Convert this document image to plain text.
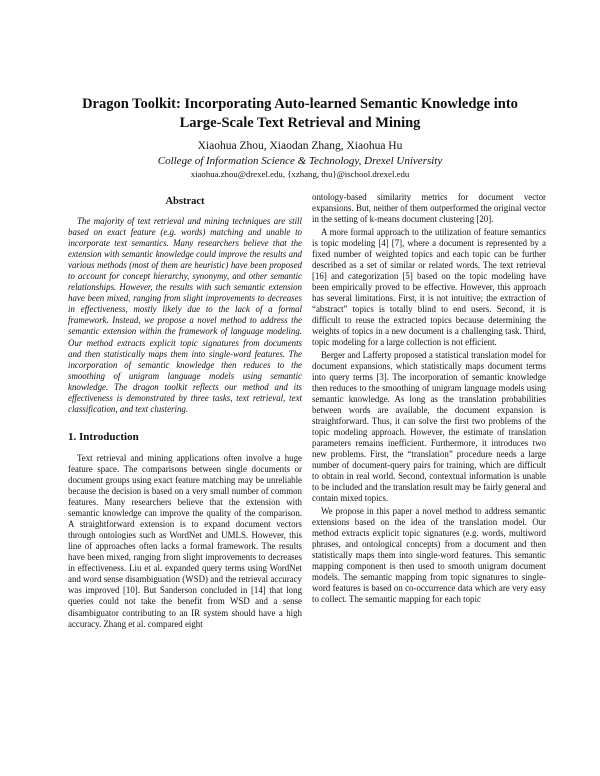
Dragon Toolkit: Incorporating Auto-learned Semantic Knowledge into
Large-Scale Text Retrieval and Mining
Xiaohua Zhou, Xiaodan Zhang, Xiaohua Hu
College of Information Science & Technology, Drexel University
xiaohua.zhou@drexel.edu, {xzhang, thu}@ischool.drexel.edu
Abstract

The majority of text retrieval and mining techniques are still based on exact feature (e.g. words) matching and unable to incorporate text semantics. Many researchers believe that the extension with semantic knowledge could improve the results and various methods (most of them are heuristic) have been proposed to account for concept hierarchy, synonymy, and other semantic relationships. However, the results with such semantic extension have been mixed, ranging from slight improvements to decreases in effectiveness, mostly likely due to the lack of a formal framework. Instead, we propose a novel method to address the semantic extension within the framework of language modeling. Our method extracts explicit topic signatures from documents and then statistically maps them into single-word features. The incorporation of semantic knowledge then reduces to the smoothing of unigram language models using semantic knowledge. The dragon toolkit reflects our method and its effectiveness is demonstrated by three tasks, text retrieval, text classification, and text clustering.

1. Introduction

Text retrieval and mining applications often involve a huge feature space. The comparisons between single documents or document groups using exact feature matching may be unreliable because the decision is based on a very small number of common features. Many researchers believe that the extension with semantic knowledge can improve the quality of the comparison. A straightforward extension is to expand document vectors through ontologies such as WordNet and UMLS. However, this line of approaches often lacks a formal framework. The results have been mixed, ranging from slight improvements to decreases in effectiveness. Liu et al. expanded query terms using WordNet and word sense disambiguation (WSD) and the retrieval accuracy was improved [10]. But Sanderson concluded in [14] that long queries could not take the benefit from WSD and a sense disambiguator contributing to an IR system should have a high accuracy. Zhang et al. compared eight

ontology-based similarity metrics for document vector expansions. But, neither of them outperformed the original vector in the setting of k-means document clustering [20].

A more formal approach to the utilization of feature semantics is topic modeling [4] [7], where a document is represented by a fixed number of weighted topics and each topic can be further described as a set of similar or related words. The text retrieval [16] and categorization [5] based on the topic modeling have been empirically proved to be effective. However, this approach has several limitations. First, it is not intuitive; the extraction of “abstract” topics is totally blind to end users. Second, it is difficult to reuse the extracted topics because determining the weights of topics in a new document is a challenging task. Third, topic modeling for a large collection is not efficient.

Berger and Lafferty proposed a statistical translation model for document expansions, which statistically maps document terms into query terms [3]. The incorporation of semantic knowledge then reduces to the smoothing of unigram language models using semantic knowledge. As long as the translation probabilities between words are available, the document expansion is straightforward. Thus, it can solve the first two problems of the topic modeling approach. However, the estimate of translation parameters remains inefficient. Furthermore, it introduces two new problems. First, the “translation” procedure needs a large number of document-query pairs for training, which are difficult to obtain in real world. Second, contextual information is unable to be included and the translation result may be fairly general and contain mixed topics.

We propose in this paper a novel method to address semantic extensions based on the idea of the translation model. Our method extracts explicit topic signatures (e.g. words, multiword phrases, and ontological concepts) from a document and then statistically maps them into single-word features. This semantic mapping component is then used to smooth unigram document models. The semantic mapping from topic signatures to single-word features is based on co-occurrence data which are very easy to collect. The semantic mapping for each topic
